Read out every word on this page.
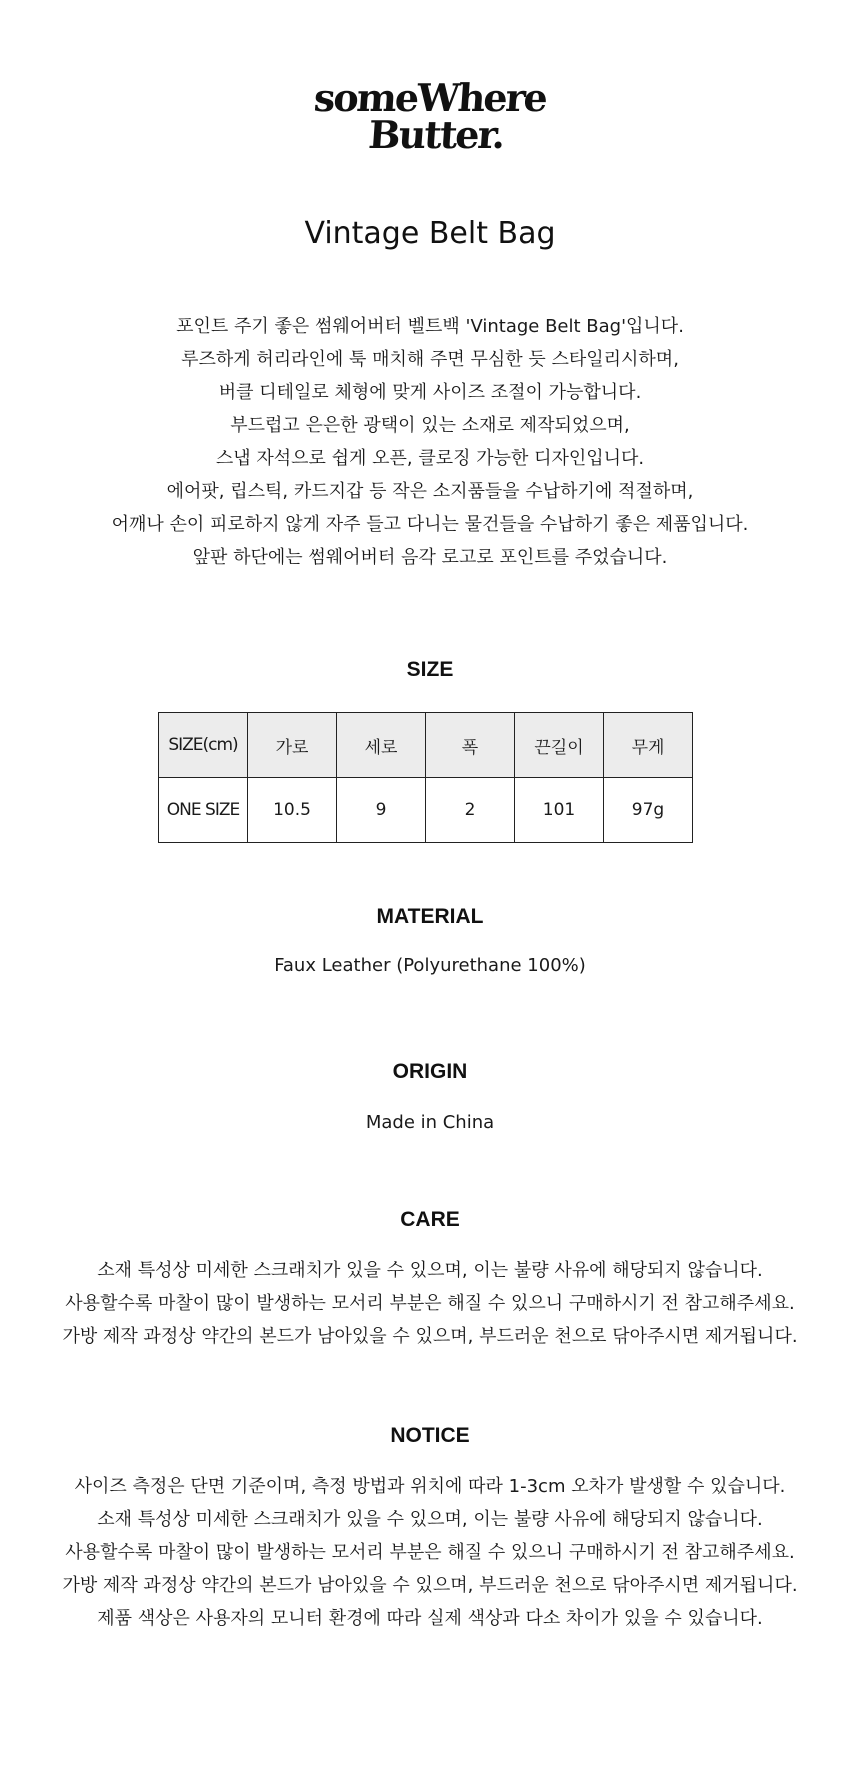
someWhere
Butter.
Vintage Belt Bag
포인트 주기 좋은 썸웨어버터 벨트백 'Vintage Belt Bag'입니다.
루즈하게 허리라인에 툭 매치해 주면 무심한 듯 스타일리시하며,
버클 디테일로 체형에 맞게 사이즈 조절이 가능합니다.
부드럽고 은은한 광택이 있는 소재로 제작되었으며,
스냅 자석으로 쉽게 오픈, 클로징 가능한 디자인입니다.
에어팟, 립스틱, 카드지갑 등 작은 소지품들을 수납하기에 적절하며,
어깨나 손이 피로하지 않게 자주 들고 다니는 물건들을 수납하기 좋은 제품입니다.
앞판 하단에는 썸웨어버터 음각 로고로 포인트를 주었습니다.
SIZE
SIZE(cm)	가로	세로	폭	끈길이	무게
ONE SIZE	10.5	9	2	101	97g
MATERIAL
Faux Leather (Polyurethane 100%)
ORIGIN
Made in China
CARE
소재 특성상 미세한 스크래치가 있을 수 있으며, 이는 불량 사유에 해당되지 않습니다.
사용할수록 마찰이 많이 발생하는 모서리 부분은 해질 수 있으니 구매하시기 전 참고해주세요.
가방 제작 과정상 약간의 본드가 남아있을 수 있으며, 부드러운 천으로 닦아주시면 제거됩니다.
NOTICE
사이즈 측정은 단면 기준이며, 측정 방법과 위치에 따라 1-3cm 오차가 발생할 수 있습니다.
소재 특성상 미세한 스크래치가 있을 수 있으며, 이는 불량 사유에 해당되지 않습니다.
사용할수록 마찰이 많이 발생하는 모서리 부분은 해질 수 있으니 구매하시기 전 참고해주세요.
가방 제작 과정상 약간의 본드가 남아있을 수 있으며, 부드러운 천으로 닦아주시면 제거됩니다.
제품 색상은 사용자의 모니터 환경에 따라 실제 색상과 다소 차이가 있을 수 있습니다.
